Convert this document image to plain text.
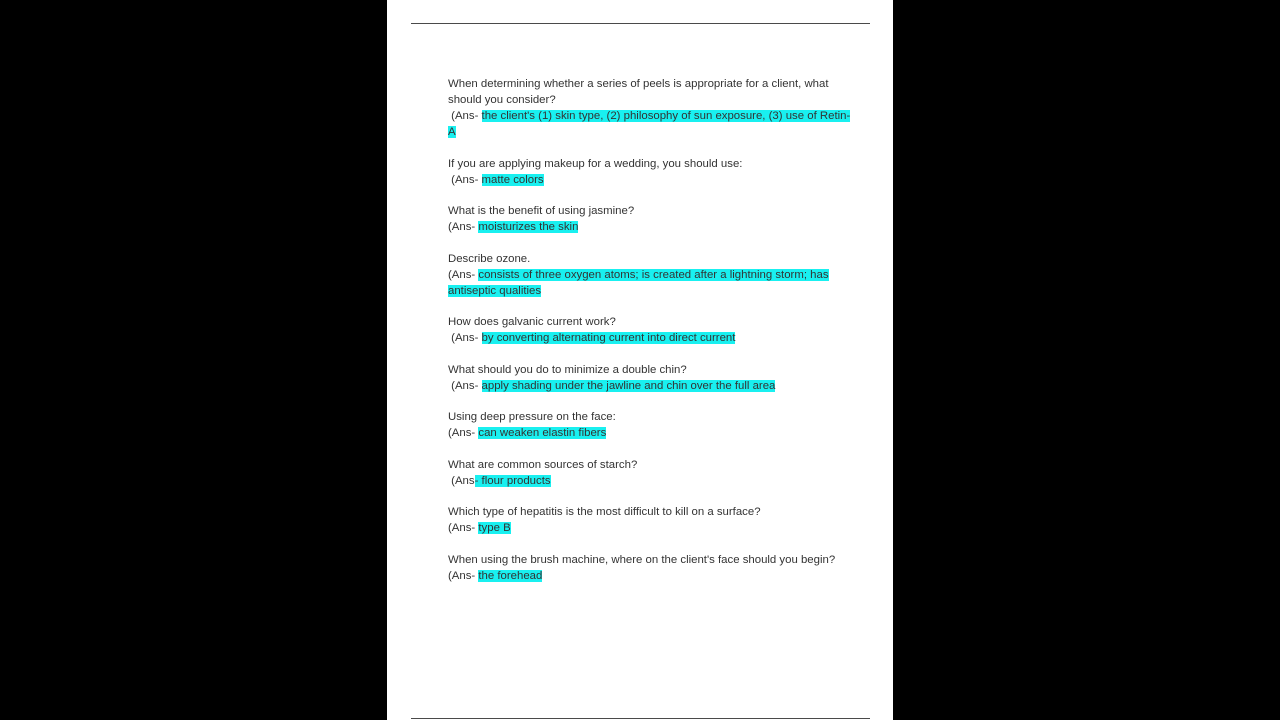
When determining whether a series of peels is appropriate for a client, what should you consider?
(Ans- the client's (1) skin type, (2) philosophy of sun exposure, (3) use of Retin-A
If you are applying makeup for a wedding, you should use:
(Ans- matte colors
What is the benefit of using jasmine?
(Ans- moisturizes the skin
Describe ozone.
(Ans- consists of three oxygen atoms; is created after a lightning storm; has antiseptic qualities
How does galvanic current work?
(Ans- by converting alternating current into direct current
What should you do to minimize a double chin?
(Ans- apply shading under the jawline and chin over the full area
Using deep pressure on the face:
(Ans- can weaken elastin fibers
What are common sources of starch?
(Ans- flour products
Which type of hepatitis is the most difficult to kill on a surface?
(Ans- type B
When using the brush machine, where on the client's face should you begin?
(Ans- the forehead
